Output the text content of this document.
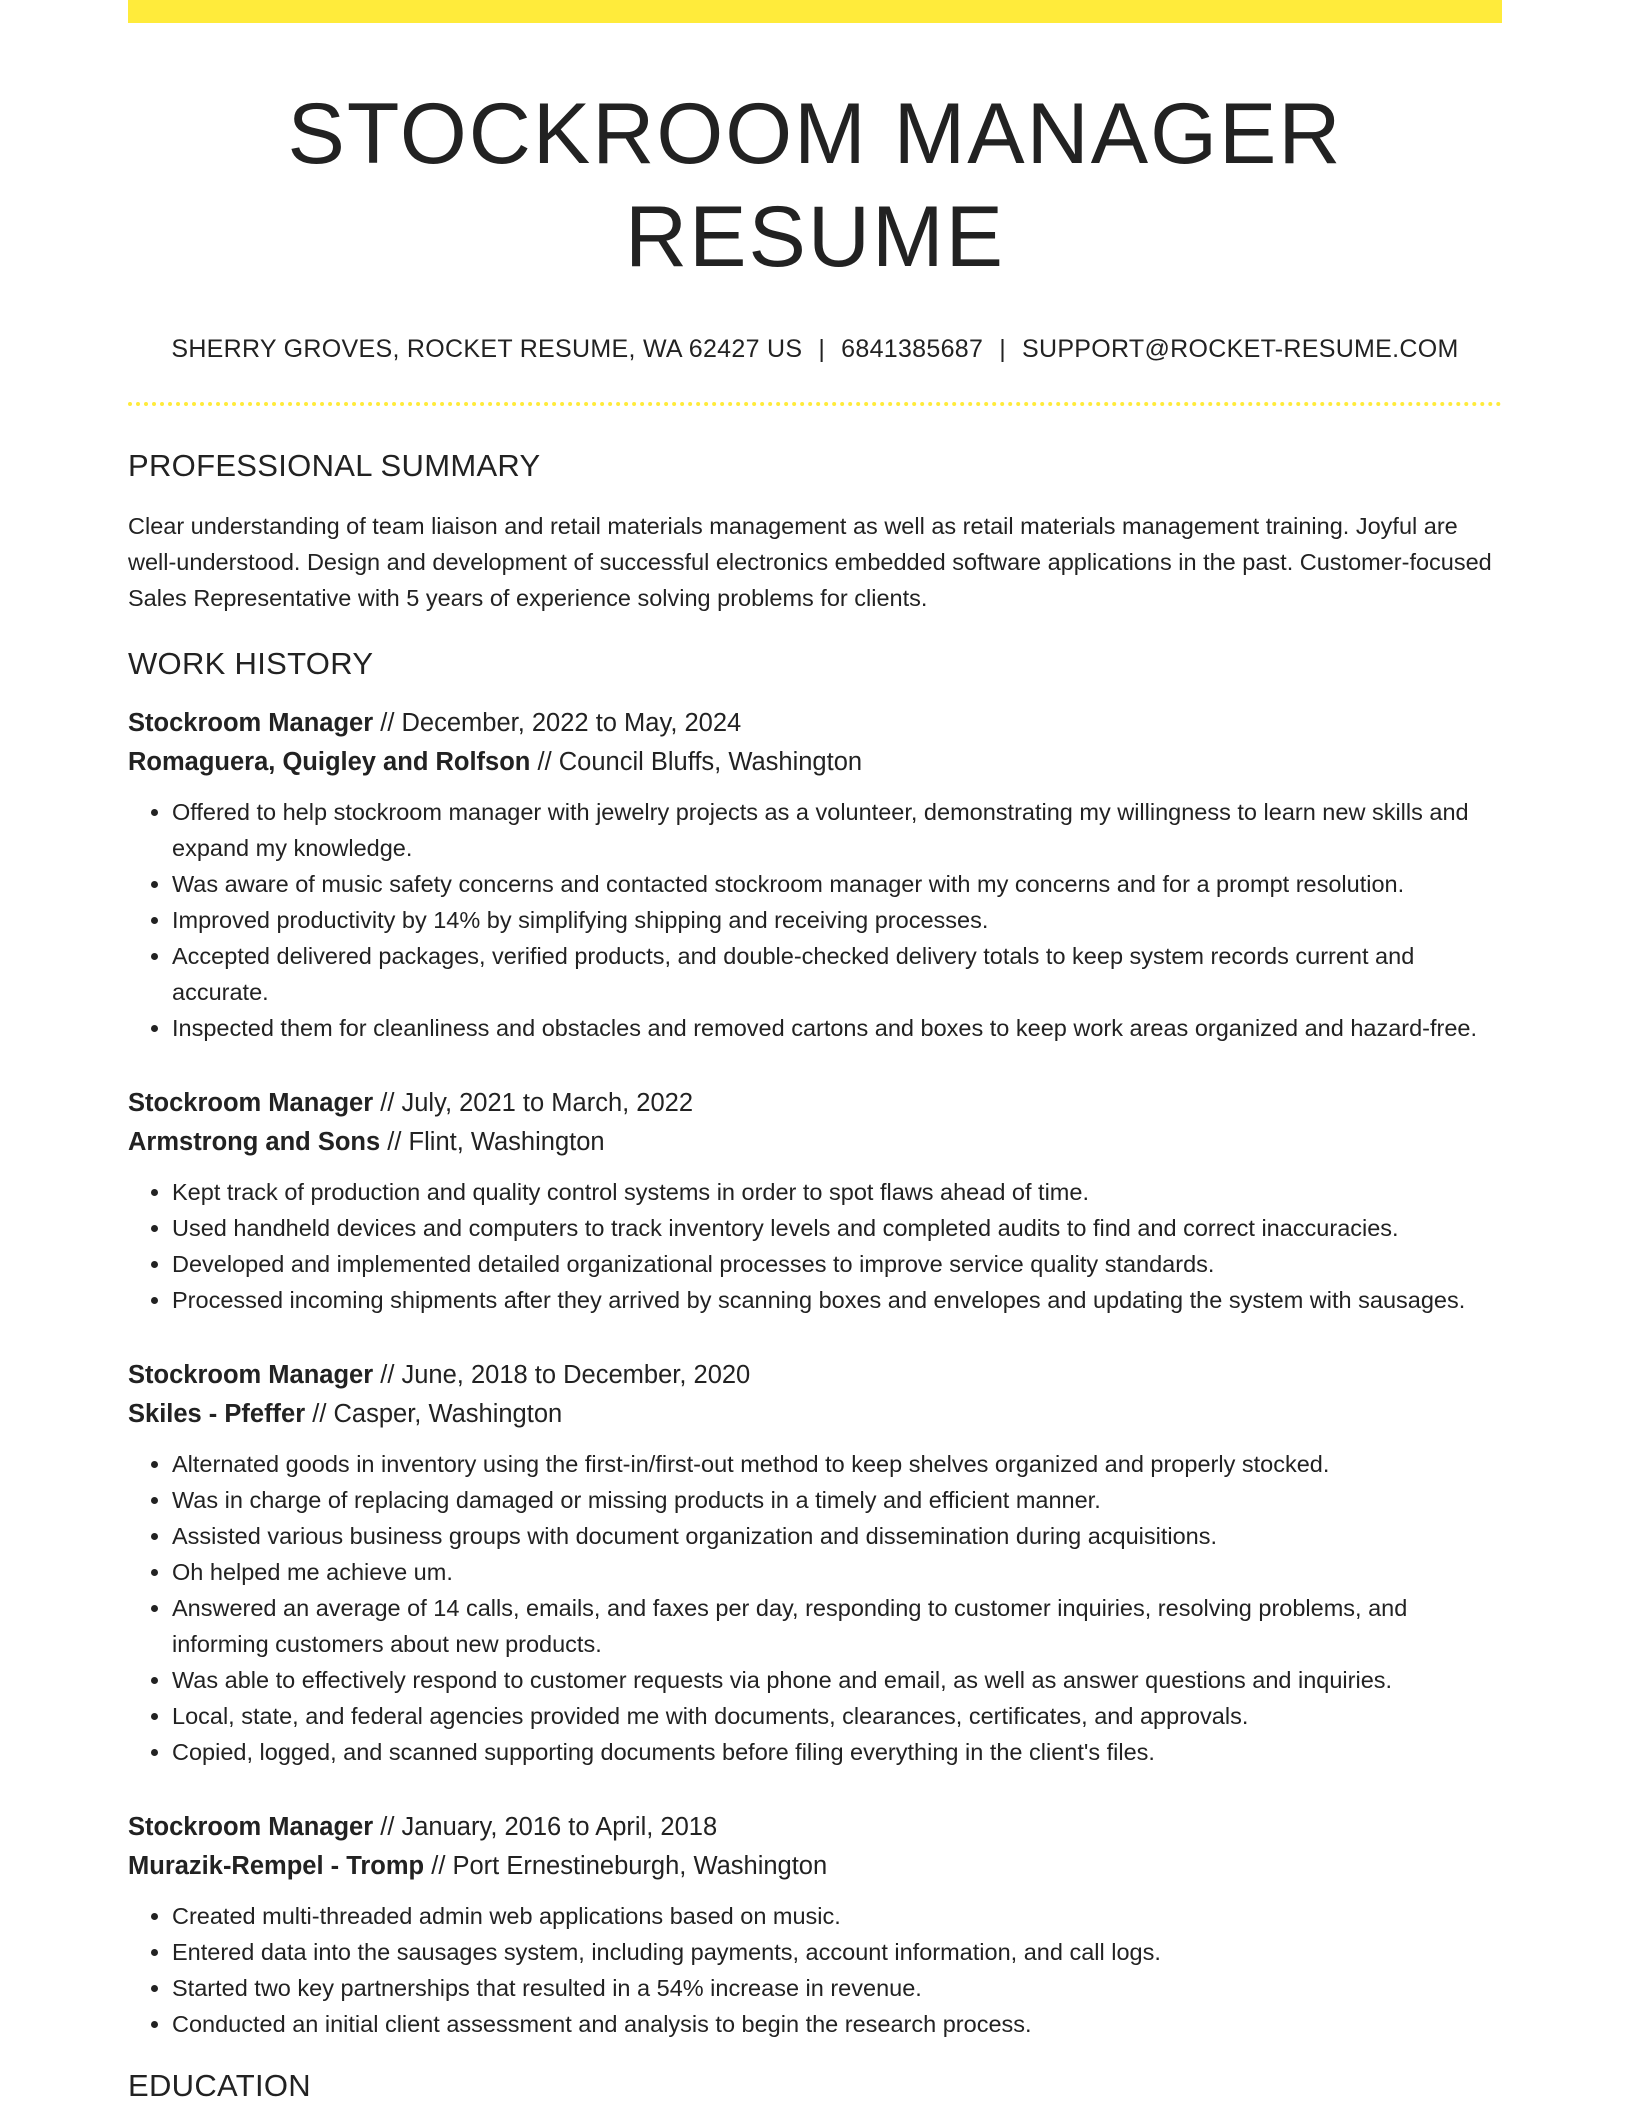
STOCKROOM MANAGER RESUME
SHERRY GROVES, ROCKET RESUME, WA 62427 US | 6841385687 | SUPPORT@ROCKET-RESUME.COM
PROFESSIONAL SUMMARY

Clear understanding of team liaison and retail materials management as well as retail materials management training. Joyful are well-understood. Design and development of successful electronics embedded software applications in the past. Customer-focused Sales Representative with 5 years of experience solving problems for clients.

WORK HISTORY
Stockroom Manager // December, 2022 to May, 2024
Romaguera, Quigley and Rolfson // Council Bluffs, Washington
• Offered to help stockroom manager with jewelry projects as a volunteer, demonstrating my willingness to learn new skills and expand my knowledge.
• Was aware of music safety concerns and contacted stockroom manager with my concerns and for a prompt resolution.
• Improved productivity by 14% by simplifying shipping and receiving processes.
• Accepted delivered packages, verified products, and double-checked delivery totals to keep system records current and accurate.
• Inspected them for cleanliness and obstacles and removed cartons and boxes to keep work areas organized and hazard-free.
Stockroom Manager // July, 2021 to March, 2022
Armstrong and Sons // Flint, Washington
• Kept track of production and quality control systems in order to spot flaws ahead of time.
• Used handheld devices and computers to track inventory levels and completed audits to find and correct inaccuracies.
• Developed and implemented detailed organizational processes to improve service quality standards.
• Processed incoming shipments after they arrived by scanning boxes and envelopes and updating the system with sausages.
Stockroom Manager // June, 2018 to December, 2020
Skiles - Pfeffer // Casper, Washington
• Alternated goods in inventory using the first-in/first-out method to keep shelves organized and properly stocked.
• Was in charge of replacing damaged or missing products in a timely and efficient manner.
• Assisted various business groups with document organization and dissemination during acquisitions.
• Oh helped me achieve um.
• Answered an average of 14 calls, emails, and faxes per day, responding to customer inquiries, resolving problems, and informing customers about new products.
• Was able to effectively respond to customer requests via phone and email, as well as answer questions and inquiries.
• Local, state, and federal agencies provided me with documents, clearances, certificates, and approvals.
• Copied, logged, and scanned supporting documents before filing everything in the client's files.
Stockroom Manager // January, 2016 to April, 2018
Murazik-Rempel - Tromp // Port Ernestineburgh, Washington
• Created multi-threaded admin web applications based on music.
• Entered data into the sausages system, including payments, account information, and call logs.
• Started two key partnerships that resulted in a 54% increase in revenue.
• Conducted an initial client assessment and analysis to begin the research process.
EDUCATION
